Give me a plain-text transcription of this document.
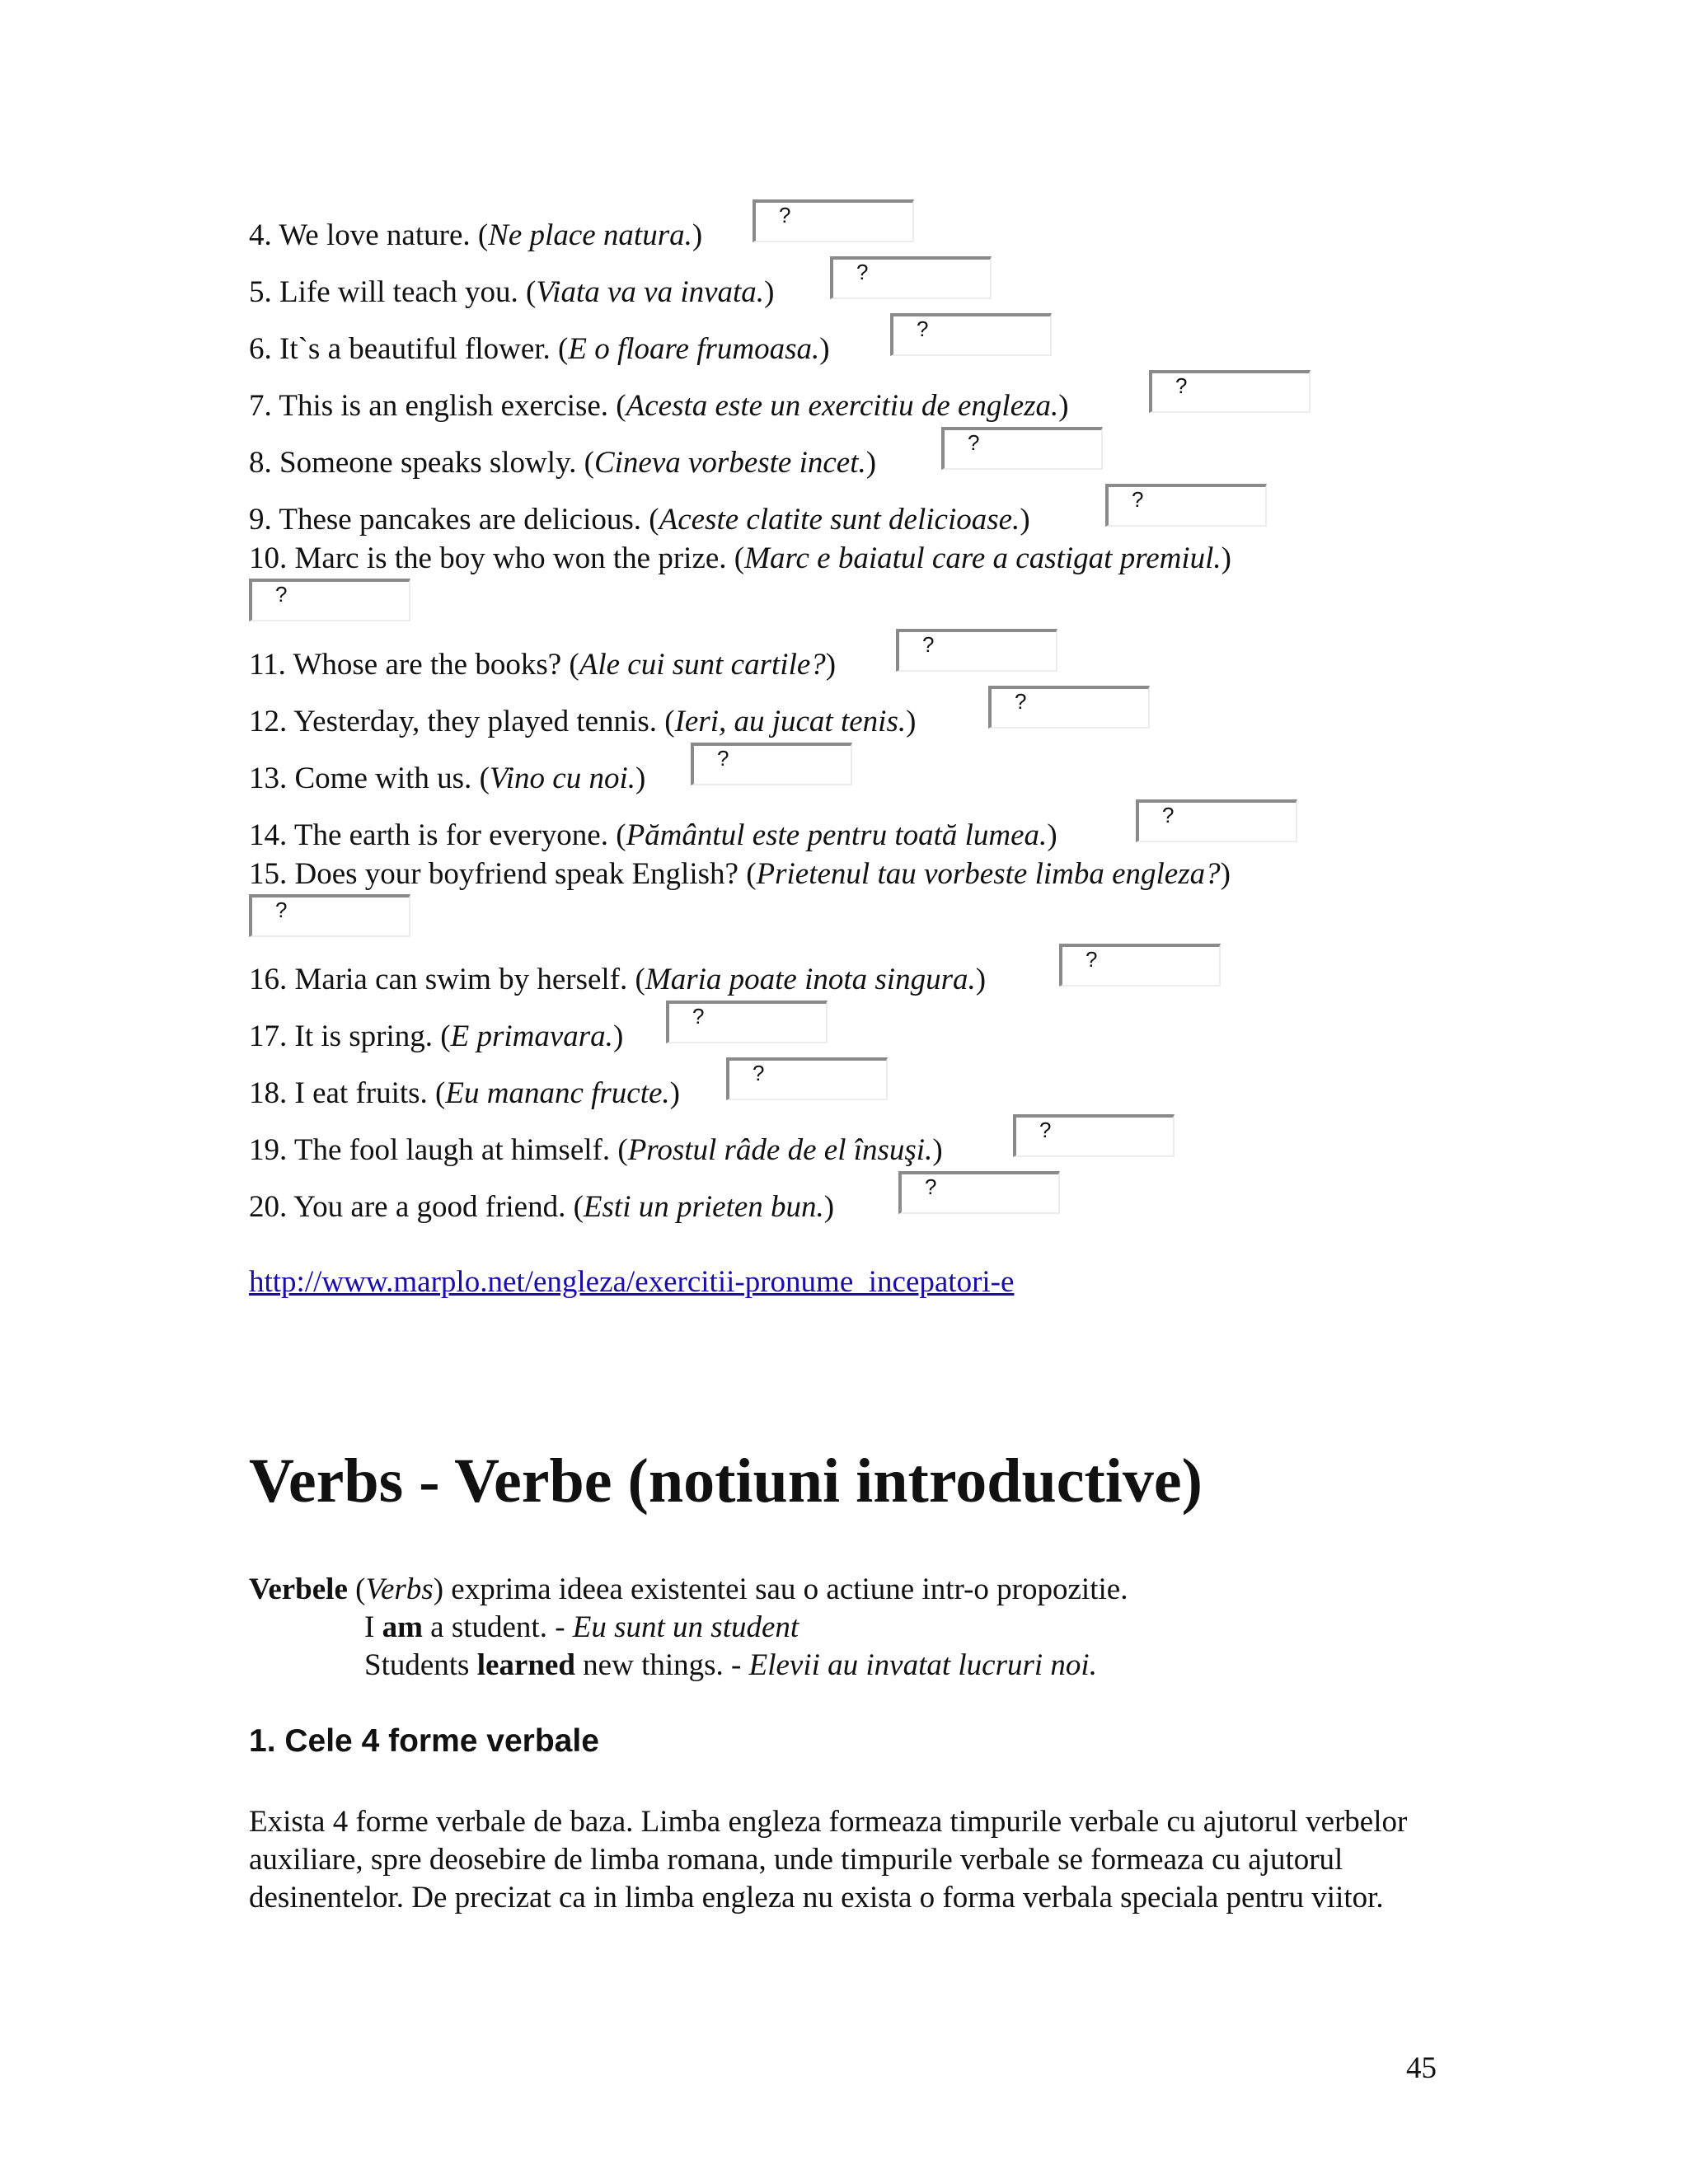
4. We love nature. (Ne place natura.)
?
5. Life will teach you. (Viata va va invata.)
?
6. It`s a beautiful flower. (E o floare frumoasa.)
?
7. This is an english exercise. (Acesta este un exercitiu de engleza.)
?
8. Someone speaks slowly. (Cineva vorbeste incet.)
?
9. These pancakes are delicious. (Aceste clatite sunt delicioase.)
?
10. Marc is the boy who won the prize. (Marc e baiatul care a castigat premiul.)
?
11. Whose are the books? (Ale cui sunt cartile?)
?
12. Yesterday, they played tennis. (Ieri, au jucat tenis.)
?
13. Come with us. (Vino cu noi.)
?
14. The earth is for everyone. (Pământul este pentru toată lumea.)
?
15. Does your boyfriend speak English? (Prietenul tau vorbeste limba engleza?)
?
16. Maria can swim by herself. (Maria poate inota singura.)
?
17. It is spring. (E primavara.)
?
18. I eat fruits. (Eu mananc fructe.)
?
19. The fool laugh at himself. (Prostul râde de el însuşi.)
?
20. You are a good friend. (Esti un prieten bun.)
?
http://www.marplo.net/engleza/exercitii-pronume_incepatori-e
Verbs - Verbe (notiuni introductive)
Verbele (Verbs) exprima ideea existentei sau o actiune intr-o propozitie.
I am a student. - Eu sunt un student
Students learned new things. - Elevii au invatat lucruri noi.
1. Cele 4 forme verbale

Exista 4 forme verbale de baza. Limba engleza formeaza timpurile verbale cu ajutorul verbelor auxiliare, spre deosebire de limba romana, unde timpurile verbale se formeaza cu ajutorul desinentelor. De precizat ca in limba engleza nu exista o forma verbala speciala pentru viitor.

45
